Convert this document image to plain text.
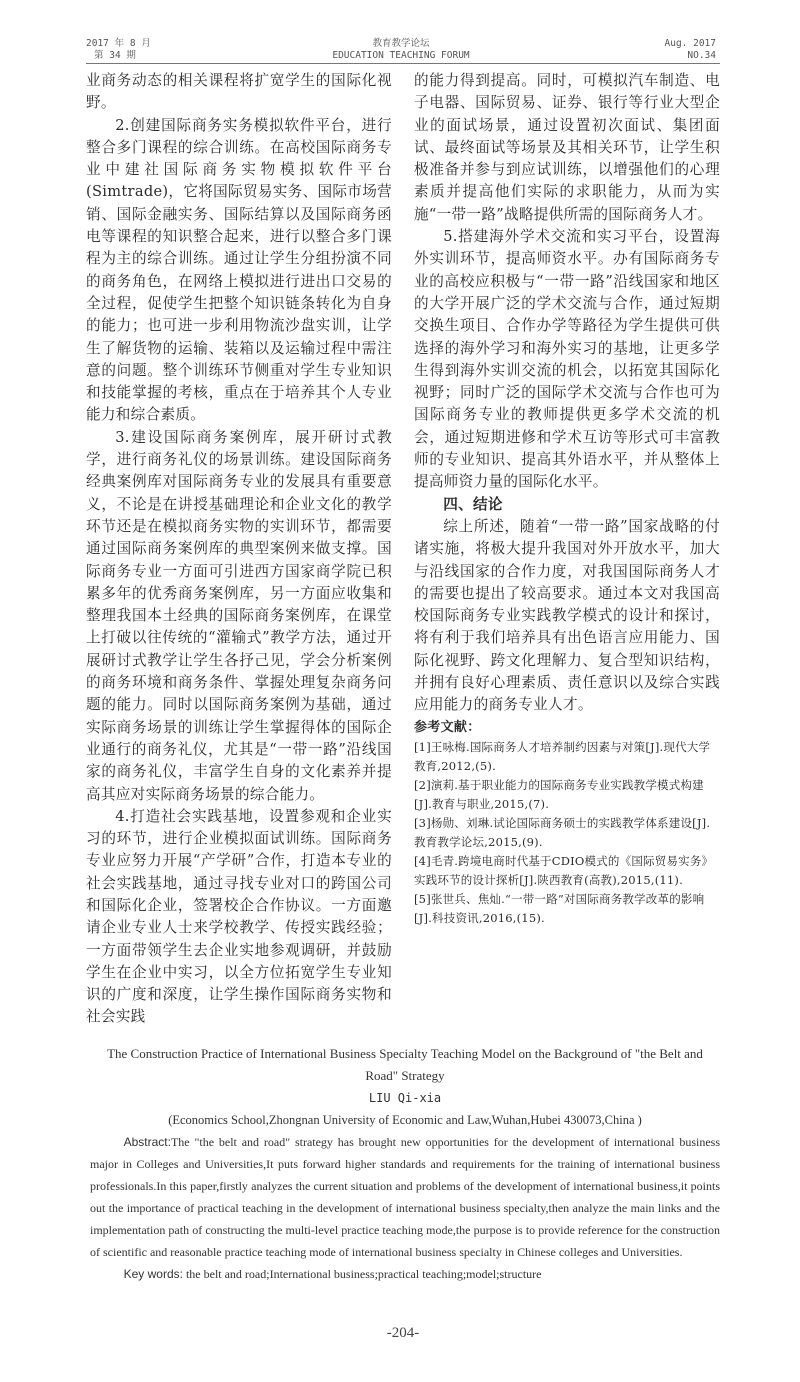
2017 年 8 月
第 34 期
教育教学论坛
EDUCATION TEACHING FORUM
Aug. 2017
NO.34

业商务动态的相关课程将扩宽学生的国际化视野。

2.创建国际商务实务模拟软件平台，进行整合多门课程的综合训练。在高校国际商务专业中建社国际商务实物模拟软件平台(Simtrade)，它将国际贸易实务、国际市场营销、国际金融实务、国际结算以及国际商务函电等课程的知识整合起来，进行以整合多门课程为主的综合训练。通过让学生分组扮演不同的商务角色，在网络上模拟进行进出口交易的全过程，促使学生把整个知识链条转化为自身的能力；也可进一步利用物流沙盘实训，让学生了解货物的运输、装箱以及运输过程中需注意的问题。整个训练环节侧重对学生专业知识和技能掌握的考核，重点在于培养其个人专业能力和综合素质。

3.建设国际商务案例库，展开研讨式教学，进行商务礼仪的场景训练。建设国际商务经典案例库对国际商务专业的发展具有重要意义，不论是在讲授基础理论和企业文化的教学环节还是在模拟商务实物的实训环节，都需要通过国际商务案例库的典型案例来做支撑。国际商务专业一方面可引进西方国家商学院已积累多年的优秀商务案例库，另一方面应收集和整理我国本土经典的国际商务案例库，在课堂上打破以往传统的“灌输式”教学方法，通过开展研讨式教学让学生各抒己见，学会分析案例的商务环境和商务条件、掌握处理复杂商务问题的能力。同时以国际商务案例为基础，通过实际商务场景的训练让学生掌握得体的国际企业通行的商务礼仪，尤其是“一带一路”沿线国家的商务礼仪，丰富学生自身的文化素养并提高其应对实际商务场景的综合能力。

4.打造社会实践基地，设置参观和企业实习的环节，进行企业模拟面试训练。国际商务专业应努力开展“产学研”合作，打造本专业的社会实践基地，通过寻找专业对口的跨国公司和国际化企业，签署校企合作协议。一方面邀请企业专业人士来学校教学、传授实践经验；一方面带领学生去企业实地参观调研，并鼓励学生在企业中实习，以全方位拓宽学生专业知识的广度和深度，让学生操作国际商务实物和社会实践

的能力得到提高。同时，可模拟汽车制造、电子电器、国际贸易、证券、银行等行业大型企业的面试场景，通过设置初次面试、集团面试、最终面试等场景及其相关环节，让学生积极准备并参与到应试训练，以增强他们的心理素质并提高他们实际的求职能力，从而为实施“一带一路”战略提供所需的国际商务人才。

5.搭建海外学术交流和实习平台，设置海外实训环节，提高师资水平。办有国际商务专业的高校应积极与“一带一路”沿线国家和地区的大学开展广泛的学术交流与合作，通过短期交换生项目、合作办学等路径为学生提供可供选择的海外学习和海外实习的基地，让更多学生得到海外实训交流的机会，以拓宽其国际化视野；同时广泛的国际学术交流与合作也可为国际商务专业的教师提供更多学术交流的机会，通过短期进修和学术互访等形式可丰富教师的专业知识、提高其外语水平，并从整体上提高师资力量的国际化水平。

四、结论

综上所述，随着“一带一路”国家战略的付诸实施，将极大提升我国对外开放水平，加大与沿线国家的合作力度，对我国国际商务人才的需要也提出了较高要求。通过本文对我国高校国际商务专业实践教学模式的设计和探讨，将有利于我们培养具有出色语言应用能力、国际化视野、跨文化理解力、复合型知识结构，并拥有良好心理素质、责任意识以及综合实践应用能力的商务专业人才。

参考文献：
[1]王咏梅.国际商务人才培养制约因素与对策[J].现代大学教育,2012,(5).
[2]演莉.基于职业能力的国际商务专业实践教学模式构建[J].教育与职业,2015,(7).
[3]杨勋、刘琳.试论国际商务硕士的实践教学体系建设[J].教育教学论坛,2015,(9).
[4]毛青.跨境电商时代基于CDIO模式的《国际贸易实务》实践环节的设计探析[J].陕西教育(高教),2015,(11).
[5]张世兵、焦灿.“一带一路”对国际商务教学改革的影响[J].科技资讯,2016,(15).
The Construction Practice of International Business Specialty Teaching Model on the Background of "the Belt and Road" Strategy
LIU Qi-xia
(Economics School,Zhongnan University of Economic and Law,Wuhan,Hubei 430073,China )
Abstract:The "the belt and road" strategy has brought new opportunities for the development of international business major in Colleges and Universities,It puts forward higher standards and requirements for the training of international business professionals.In this paper,firstly analyzes the current situation and problems of the development of international business,it points out the importance of practical teaching in the development of international business specialty,then analyze the main links and the implementation path of constructing the multi-level practice teaching mode,the purpose is to provide reference for the construction of scientific and reasonable practice teaching mode of international business specialty in Chinese colleges and Universities.
Key words: the belt and road;International business;practical teaching;model;structure
-204-
